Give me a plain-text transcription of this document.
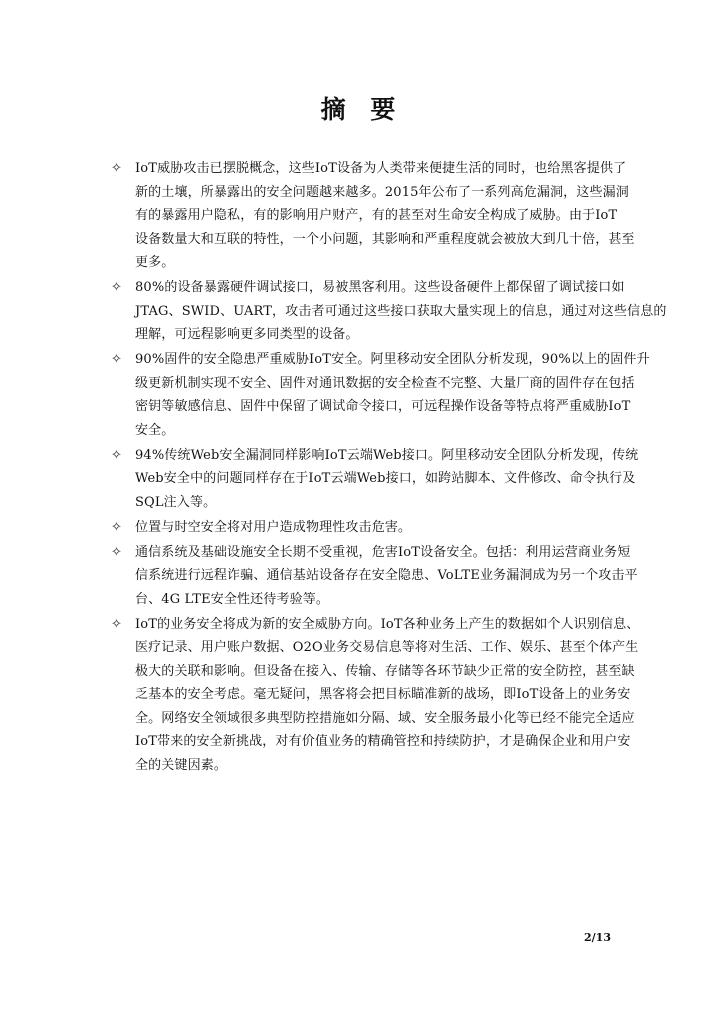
摘 要
✧	IoT威胁攻击已摆脱概念，这些IoT设备为人类带来便捷生活的同时，也给黑客提供了
新的土壤，所暴露出的安全问题越来越多。2015年公布了一系列高危漏洞，这些漏洞
有的暴露用户隐私，有的影响用户财产，有的甚至对生命安全构成了威胁。由于IoT
设备数量大和互联的特性，一个小问题，其影响和严重程度就会被放大到几十倍，甚至
更多。
✧	80%的设备暴露硬件调试接口，易被黑客利用。这些设备硬件上都保留了调试接口如
JTAG、SWID、UART，攻击者可通过这些接口获取大量实现上的信息，通过对这些信息的
理解，可远程影响更多同类型的设备。
✧	90%固件的安全隐患严重威胁IoT安全。阿里移动安全团队分析发现，90%以上的固件升
级更新机制实现不安全、固件对通讯数据的安全检查不完整、大量厂商的固件存在包括
密钥等敏感信息、固件中保留了调试命令接口，可远程操作设备等特点将严重威胁IoT
安全。
✧	94%传统Web安全漏洞同样影响IoT云端Web接口。阿里移动安全团队分析发现，传统
Web安全中的问题同样存在于IoT云端Web接口，如跨站脚本、文件修改、命令执行及
SQL注入等。
✧	位置与时空安全将对用户造成物理性攻击危害。
✧	通信系统及基础设施安全长期不受重视，危害IoT设备安全。包括：利用运营商业务短
信系统进行远程诈骗、通信基站设备存在安全隐患、VoLTE业务漏洞成为另一个攻击平
台、4G LTE安全性还待考验等。
✧	IoT的业务安全将成为新的安全威胁方向。IoT各种业务上产生的数据如个人识别信息、
医疗记录、用户账户数据、O2O业务交易信息等将对生活、工作、娱乐、甚至个体产生
极大的关联和影响。但设备在接入、传输、存储等各环节缺少正常的安全防控，甚至缺
乏基本的安全考虑。毫无疑问，黑客将会把目标瞄准新的战场，即IoT设备上的业务安
全。网络安全领域很多典型防控措施如分隔、域、安全服务最小化等已经不能完全适应
IoT带来的安全新挑战，对有价值业务的精确管控和持续防护，才是确保企业和用户安
全的关键因素。
2/13
